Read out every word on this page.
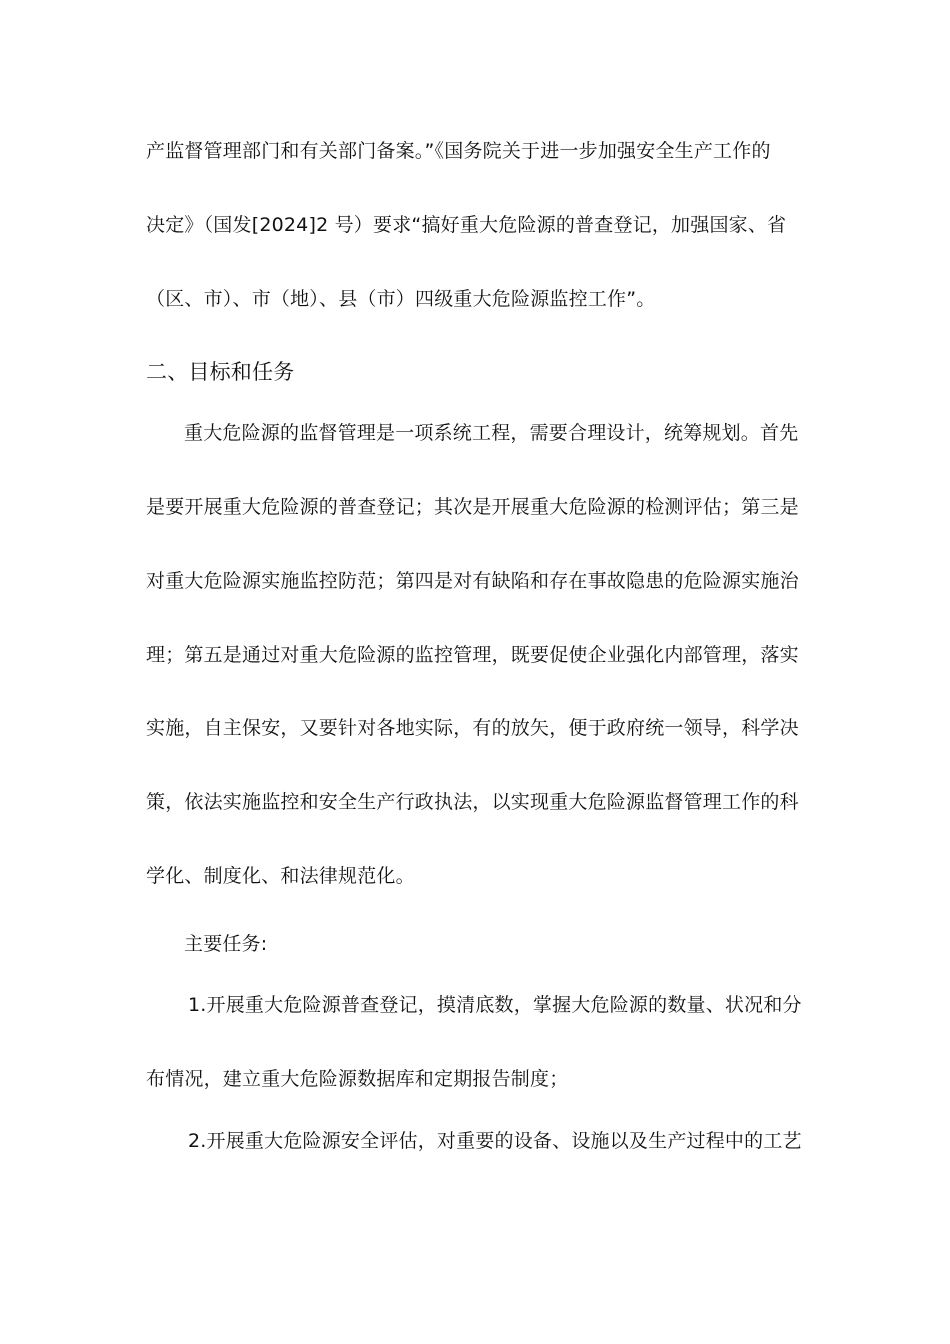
产监督管理部门和有关部门备案。”《国务院关于进一步加强安全生产工作的
决定》（国发[2024]2 号）要求“搞好重大危险源的普查登记，加强国家、省
（区、市）、市（地）、县（市）四级重大危险源监控工作”。
二、目标和任务
重大危险源的监督管理是一项系统工程，需要合理设计，统筹规划。首先
是要开展重大危险源的普查登记；其次是开展重大危险源的检测评估；第三是
对重大危险源实施监控防范；第四是对有缺陷和存在事故隐患的危险源实施治
理；第五是通过对重大危险源的监控管理，既要促使企业强化内部管理，落实
实施，自主保安，又要针对各地实际，有的放矢，便于政府统一领导，科学决
策，依法实施监控和安全生产行政执法，以实现重大危险源监督管理工作的科
学化、制度化、和法律规范化。
主要任务:
1.开展重大危险源普查登记，摸清底数，掌握大危险源的数量、状况和分
布情况，建立重大危险源数据库和定期报告制度；
2.开展重大危险源安全评估，对重要的设备、设施以及生产过程中的工艺
